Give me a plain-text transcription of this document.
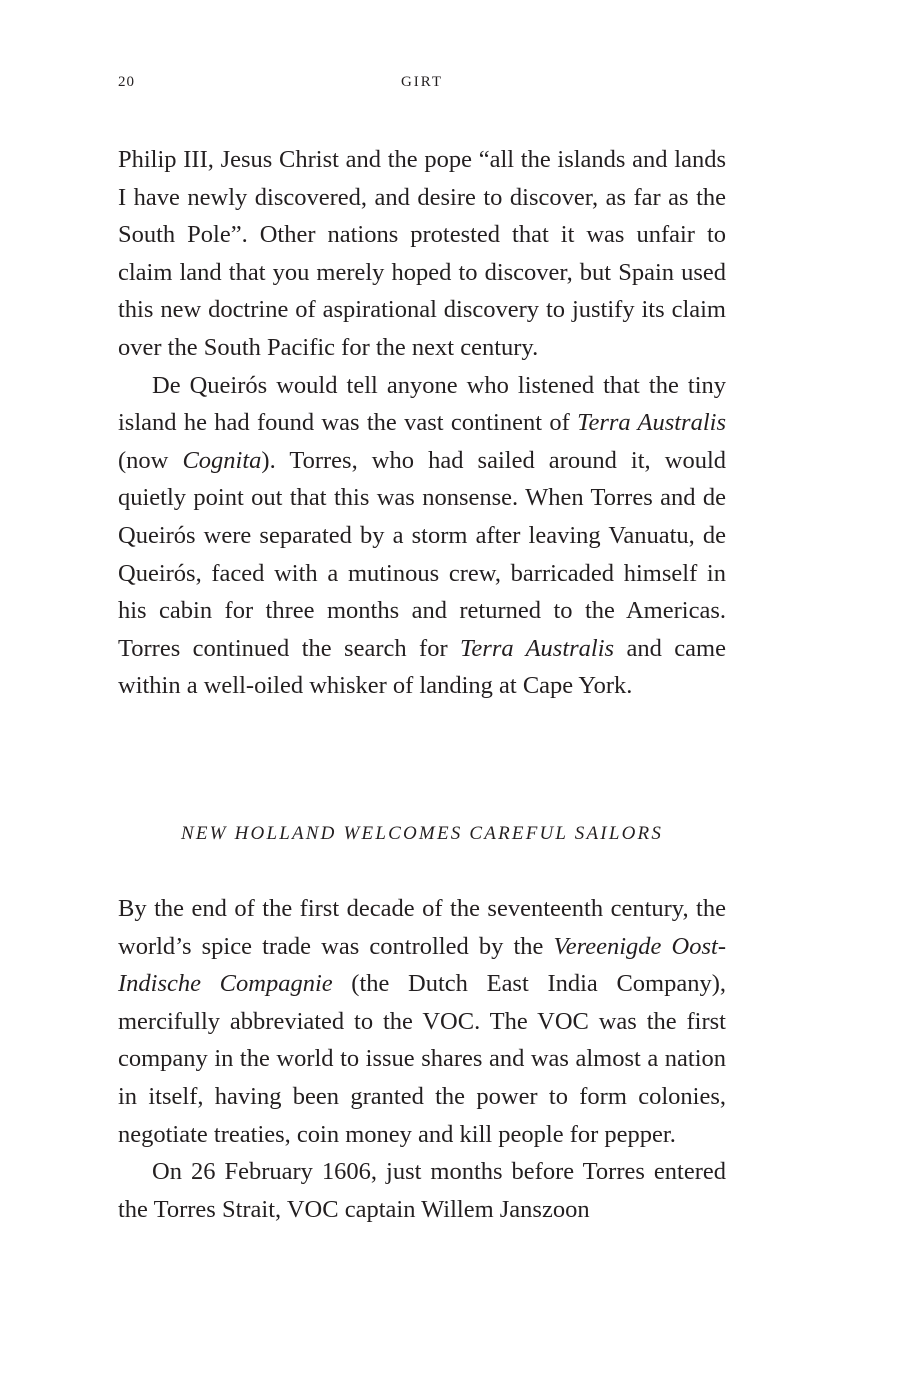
20	GIRT

Philip III, Jesus Christ and the pope “all the islands and lands I have newly discovered, and desire to discover, as far as the South Pole”. Other nations protested that it was unfair to claim land that you merely hoped to discover, but Spain used this new doctrine of aspirational discovery to justify its claim over the South Pacific for the next century.

De Queirós would tell anyone who listened that the tiny island he had found was the vast continent of Terra Australis (now Cognita). Torres, who had sailed around it, would quietly point out that this was nonsense. When Torres and de Queirós were separated by a storm after leaving Vanuatu, de Queirós, faced with a mutinous crew, barricaded himself in his cabin for three months and returned to the Americas. Torres continued the search for Terra Australis and came within a well-oiled whisker of landing at Cape York.

NEW HOLLAND WELCOMES CAREFUL SAILORS

By the end of the first decade of the seventeenth century, the world’s spice trade was controlled by the Vereenigde Oost-Indische Compagnie (the Dutch East India Company), mercifully abbreviated to the VOC. The VOC was the first company in the world to issue shares and was almost a nation in itself, having been granted the power to form colonies, negotiate treaties, coin money and kill people for pepper.

On 26 February 1606, just months before Torres entered the Torres Strait, VOC captain Willem Janszoon
